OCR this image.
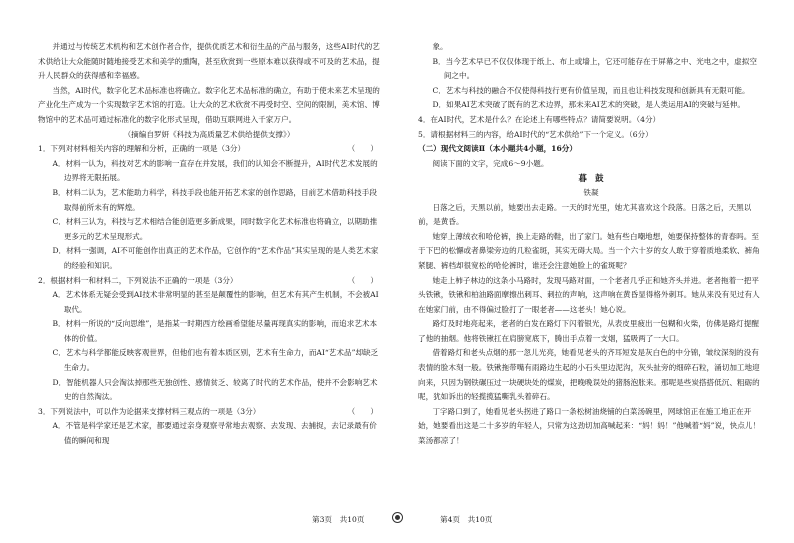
并通过与传统艺术机构和艺术创作者合作，提供优质艺术和衍生品的产品与服务，这些AI时代的艺术供给让大众能随时随地接受艺术和美学的熏陶，甚至欣赏到一些原本难以获得或不可及的艺术品，提升人民群众的获得感和幸福感。

当然，AI时代，数字化艺术品标准也将确立。数字化艺术品标准的确立，有助于使未来艺术呈现的产业化生产成为一个实现数字艺术馆的打造。让大众的艺术欣赏不再受时空、空间的限制，美术馆、博物馆中的艺术品可通过标准化的数字化形式呈现，借助互联网进入千家万户。

（摘编自罗妍《科技为高质量艺术供给提供支撑》）

1．下列对材料相关内容的理解和分析，正确的一项是（3分）	（　　）

A．材料一认为，科技对艺术的影响一直存在并发展，我们的认知会不断提升，AI时代艺术发展的边界将无限拓展。

B．材料二认为，艺术能助力科学，科技手段也能开拓艺术家的创作思路，目前艺术借助科技手段取得前所未有的辉煌。

C．材料三认为，科技与艺术相结合能创造更多新成果，同时数字化艺术标准也将确立，以期助推更多元的艺术呈现形式。

D．材料一强调，AI不可能创作出真正的艺术作品，它创作的“艺术作品”其实呈现的是人类艺术家的经验和知识。

2．根据材料一和材料二，下列说法不正确的一项是（3分）	（　　）

A．艺术体系无疑会受到AI技术非常明显的甚至是颠覆性的影响，但艺术有其产生机制，不会被AI取代。

B．材料一所说的“反向思维”，是指某一时期西方绘画希望能尽量再现真实的影响，而追求艺术本体的价值。

C．艺术与科学都能反映客观世界，但他们也有着本质区别，艺术有生命力，而AI“艺术品”却缺乏生命力。

D．智能机器人只会淘汰掉那些无独创性、感情贫乏、较离了时代的艺术作品，使并不会影响艺术史的自然淘汰。

3．下列说法中，可以作为论据来支撑材料三观点的一项是（3分）	（　　）

A．不管是科学家还是艺术家，都要通过亲身观察寻常地去观察、去发现、去捕捉，去记录最有价值的瞬间和现

象。

B．当今艺术早已不仅仅体现于纸上、布上或墙上，它还可能存在于屏幕之中、光电之中，虚拟空间之中。

C．艺术与科技的融合不仅使得科技行更有价值呈现，而且也让科技发现和创新具有无限可能。

D．如果AI艺术突破了既有的艺术边界，那未来AI艺术的突破，是人类运用AI的突破与延伸。

4．在AI时代，艺术是什么？在论述上有哪些特点？请简要说明。（4分）

5．请根据材料三的内容，给AI时代的“艺术供给”下一个定义。（6分）

（二）现代文阅读Ⅱ（本小题共4小题，16分）

阅读下面的文字，完成6～9小题。

暮　鼓

铁凝

日落之后，天黑以前，她要出去走路。一天的时光里，她尤其喜欢这个段落。日落之后，天黑以前，是黄昏。

她穿上薄绒衣和哈伦裤，换上走路的鞋，出了家门。她有些白嘲地想，她要保持整体的青春吗。至于下巴的松懈或者鼻梁旁边的几粒雀斑，其实无碍大局。当一个六十岁的女人敢于穿着质地柔软、裤角紧腿、裤档却很宽松的哈伦裤时，谁还会注意她脸上的雀斑呢？

她走上柿子林边的这条小马路时，发现马路对面，一个老者几乎正和她齐头并进。老者拖着一把平头铁锹，铁锹和柏油路面摩擦出刺耳、刺拉的声响，这声响在黄昏显得格外刺耳。她从来没有见过有人在她家门前，由不得偏过脸打了一眼老者——这老头！她心说。

路灯及时地亮起来，老者的白发在路灯下闪着银光，从表皮里疲出一包糊和火柴，仿佛是路灯提醒了他的抽烟。他将铁锹扛在肩膀宽底下，腾出手点着一支烟，猛吸两了一大口。

借着路灯和老头点烟的那一忽儿光亮，她看见老头的齐耳短发是灰白色的中分锦，皱纹深刻的没有表情的脸木刻一般。铁锹拖带嘴有雨路边生起的小石头里边泥沟，灰头扯旁的细碎石粒，涌切加工地迎向来，只因为钢铁碾压过一块硬块处的煤炭，把晚晚误处的猪肠泡胀来。那呢是些炭搭搭低沉、粗砺的呢，犹如诉出的轻揽揽猛嘶乳头着碎石。

丁字路口到了，她看见老头拐进了路口一条松树油烧铺的白菜汤碗里，网球馆正在施工地正在开始，她要看出这是二十多岁的年轻人，只常为这劲切加高喊起来：“妈！妈！”他喊着“妈”说，快点儿！菜汤都凉了！

第3页　共10页	第4页　共10页
